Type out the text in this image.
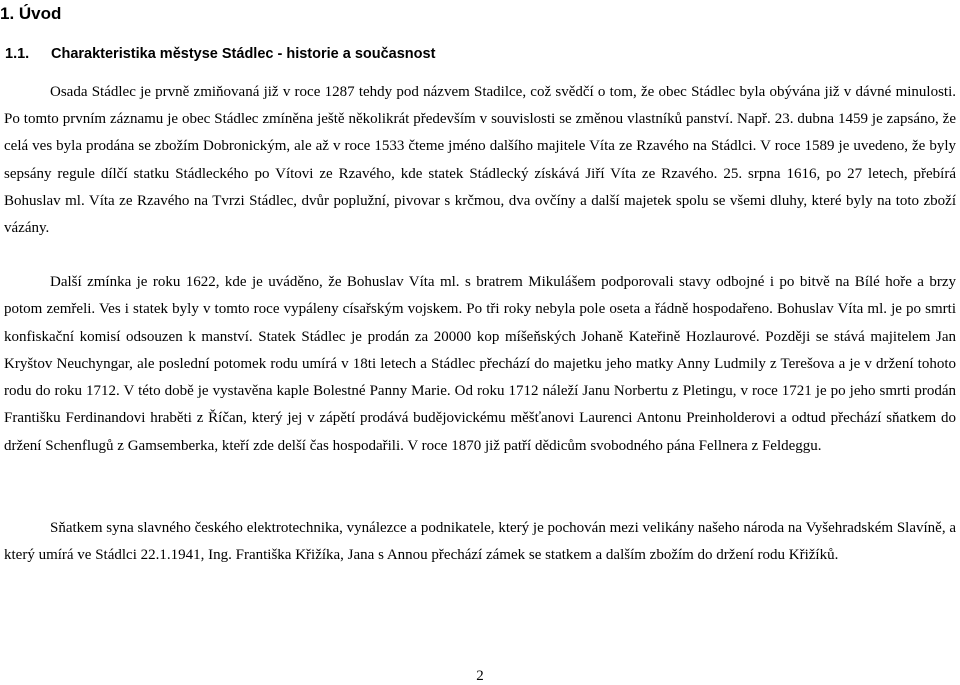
1. Úvod
1.1. Charakteristika městyse Stádlec - historie a současnost

Osada Stádlec je prvně zmiňovaná již v roce 1287 tehdy pod názvem Stadilce, což svědčí o tom, že obec Stádlec byla obývána již v dávné minulosti. Po tomto prvním záznamu je obec Stádlec zmíněna ještě několikrát především v souvislosti se změnou vlastníků panství. Např. 23. dubna 1459 je zapsáno, že celá ves byla prodána se zbožím Dobronickým, ale až v roce 1533 čteme jméno dalšího majitele Víta ze Rzavého na Stádlci. V roce 1589 je uvedeno, že byly sepsány regule dílčí statku Stádleckého po Vítovi ze Rzavého, kde statek Stádlecký získává Jiří Víta ze Rzavého. 25. srpna 1616, po 27 letech, přebírá Bohuslav ml. Víta ze Rzavého na Tvrzi Stádlec, dvůr poplužní, pivovar s krčmou, dva ovčíny a další majetek spolu se všemi dluhy, které byly na toto zboží vázány.

Další zmínka je roku 1622, kde je uváděno, že Bohuslav Víta ml. s bratrem Mikulášem podporovali stavy odbojné i po bitvě na Bílé hoře a brzy potom zemřeli. Ves i statek byly v tomto roce vypáleny císařským vojskem. Po tři roky nebyla pole oseta a řádně hospodařeno. Bohuslav Víta ml. je po smrti konfiskační komisí odsouzen k manství. Statek Stádlec je prodán za 20000 kop míšeňských Johaně Kateřině Hozlaurové. Později se stává majitelem Jan Kryštov Neuchyngar, ale poslední potomek rodu umírá v 18ti letech a Stádlec přechází do majetku jeho matky Anny Ludmily z Terešova a je v držení tohoto rodu do roku 1712. V této době je vystavěna kaple Bolestné Panny Marie. Od roku 1712 náleží Janu Norbertu z Pletingu, v roce 1721 je po jeho smrti prodán Františku Ferdinandovi hraběti z Říčan, který jej v zápětí prodává budějovickému měšťanovi Laurenci Antonu Preinholderovi a odtud přechází sňatkem do držení Schenflugů z Gamsemberka, kteří zde delší čas hospodařili. V roce 1870 již patří dědicům svobodného pána Fellnera z Feldeggu.

Sňatkem syna slavného českého elektrotechnika, vynálezce a podnikatele, který je pochován mezi velikány našeho národa na Vyšehradském Slavíně, a který umírá ve Stádlci 22.1.1941, Ing. Františka Křižíka, Jana s Annou přechází zámek se statkem a dalším zbožím do držení rodu Křižíků.

2
